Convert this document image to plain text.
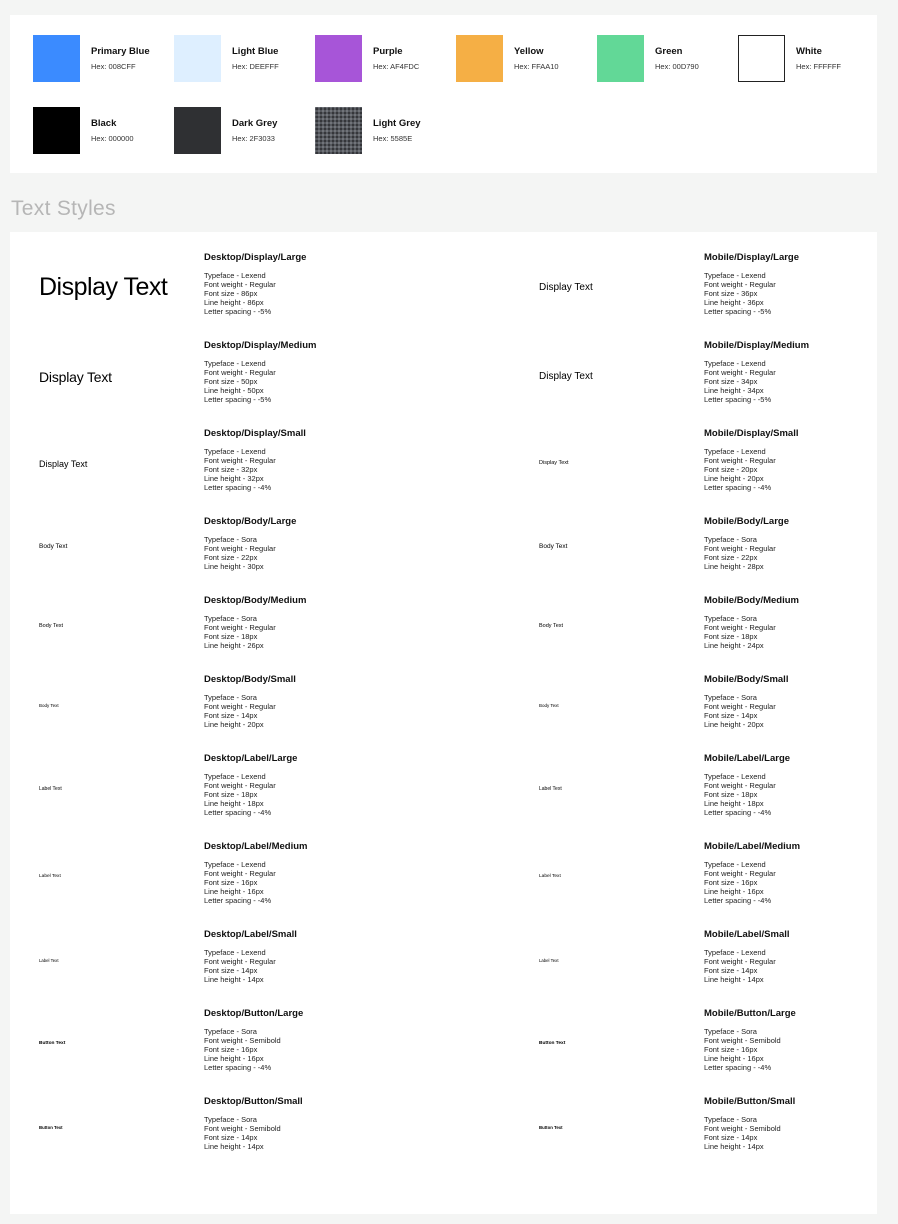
Primary Blue
Hex: 008CFF
Light Blue
Hex: DEEFFF
Purple
Hex: AF4FDC
Yellow
Hex: FFAA10
Green
Hex: 00D790
White
Hex: FFFFFF
Black
Hex: 000000
Dark Grey
Hex: 2F3033
Light Grey
Hex: 5585E
Text Styles
Display Text
Desktop/Display/Large
Typeface - Lexend
Font weight - Regular
Font size - 86px
Line height - 86px
Letter spacing - -5%
Display Text
Mobile/Display/Large
Typeface - Lexend
Font weight - Regular
Font size - 36px
Line height - 36px
Letter spacing - -5%
Display Text
Desktop/Display/Medium
Typeface - Lexend
Font weight - Regular
Font size - 50px
Line height - 50px
Letter spacing - -5%
Display Text
Mobile/Display/Medium
Typeface - Lexend
Font weight - Regular
Font size - 34px
Line height - 34px
Letter spacing - -5%
Display Text
Desktop/Display/Small
Typeface - Lexend
Font weight - Regular
Font size - 32px
Line height - 32px
Letter spacing - -4%
Display Text
Mobile/Display/Small
Typeface - Lexend
Font weight - Regular
Font size - 20px
Line height - 20px
Letter spacing - -4%
Body Text
Desktop/Body/Large
Typeface - Sora
Font weight - Regular
Font size - 22px
Line height - 30px
Body Text
Mobile/Body/Large
Typeface - Sora
Font weight - Regular
Font size - 22px
Line height - 28px
Body Text
Desktop/Body/Medium
Typeface - Sora
Font weight - Regular
Font size - 18px
Line height - 26px
Body Text
Mobile/Body/Medium
Typeface - Sora
Font weight - Regular
Font size - 18px
Line height - 24px
Body Text
Desktop/Body/Small
Typeface - Sora
Font weight - Regular
Font size - 14px
Line height - 20px
Body Text
Mobile/Body/Small
Typeface - Sora
Font weight - Regular
Font size - 14px
Line height - 20px
Label Text
Desktop/Label/Large
Typeface - Lexend
Font weight - Regular
Font size - 18px
Line height - 18px
Letter spacing - -4%
Label Text
Mobile/Label/Large
Typeface - Lexend
Font weight - Regular
Font size - 18px
Line height - 18px
Letter spacing - -4%
Label Text
Desktop/Label/Medium
Typeface - Lexend
Font weight - Regular
Font size - 16px
Line height - 16px
Letter spacing - -4%
Label Text
Mobile/Label/Medium
Typeface - Lexend
Font weight - Regular
Font size - 16px
Line height - 16px
Letter spacing - -4%
Label Text
Desktop/Label/Small
Typeface - Lexend
Font weight - Regular
Font size - 14px
Line height - 14px
Label Text
Mobile/Label/Small
Typeface - Lexend
Font weight - Regular
Font size - 14px
Line height - 14px
Button Text
Desktop/Button/Large
Typeface - Sora
Font weight - Semibold
Font size - 16px
Line height - 16px
Letter spacing - -4%
Button Text
Mobile/Button/Large
Typeface - Sora
Font weight - Semibold
Font size - 16px
Line height - 16px
Letter spacing - -4%
Button Text
Desktop/Button/Small
Typeface - Sora
Font weight - Semibold
Font size - 14px
Line height - 14px
Button Text
Mobile/Button/Small
Typeface - Sora
Font weight - Semibold
Font size - 14px
Line height - 14px
